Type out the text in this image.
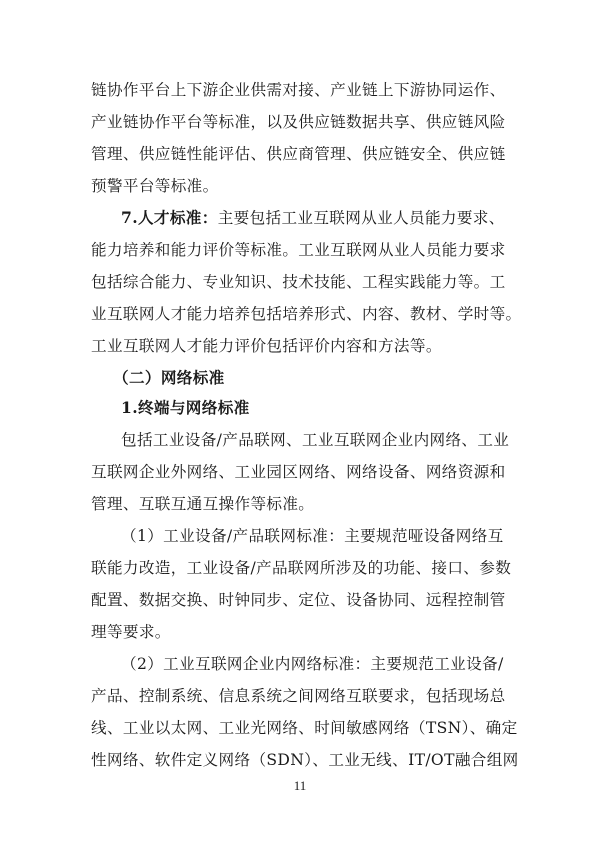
链协作平台上下游企业供需对接、产业链上下游协同运作、
产业链协作平台等标准，以及供应链数据共享、供应链风险
管理、供应链性能评估、供应商管理、供应链安全、供应链
预警平台等标准。
7.人才标准：主要包括工业互联网从业人员能力要求、
能力培养和能力评价等标准。工业互联网从业人员能力要求
包括综合能力、专业知识、技术技能、工程实践能力等。工
业互联网人才能力培养包括培养形式、内容、教材、学时等。
工业互联网人才能力评价包括评价内容和方法等。
（二）网络标准
1.终端与网络标准
包括工业设备/产品联网、工业互联网企业内网络、工业
互联网企业外网络、工业园区网络、网络设备、网络资源和
管理、互联互通互操作等标准。
（1）工业设备/产品联网标准：主要规范哑设备网络互
联能力改造，工业设备/产品联网所涉及的功能、接口、参数
配置、数据交换、时钟同步、定位、设备协同、远程控制管
理等要求。
（2）工业互联网企业内网络标准：主要规范工业设备/
产品、控制系统、信息系统之间网络互联要求，包括现场总
线、工业以太网、工业光网络、时间敏感网络（TSN）、确定
性网络、软件定义网络（SDN）、工业无线、IT/OT融合组网
11
